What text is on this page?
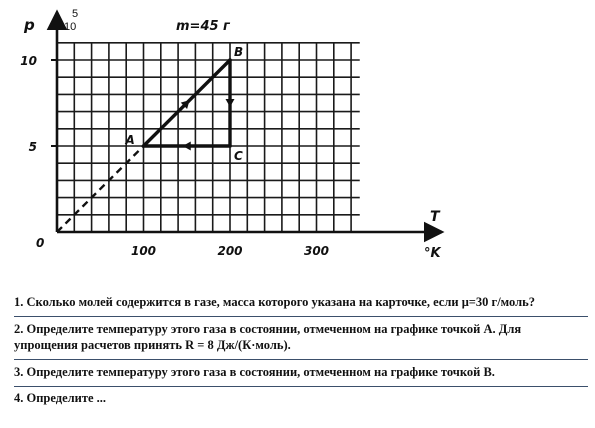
5
10
100	200	300
p	10
5
T
°K
0
m=45 г
A
B
C
1. Сколько молей содержится в газе, масса которого указана на карточке, если μ=30 г/моль?
2. Определите температуру этого газа в состоянии, отмеченном на графике точкой А. Для упрощения расчетов принять R = 8 Дж/(К·моль).
3. Определите температуру этого газа в состоянии, отмеченном на графике точкой В.
4. Определите ...
